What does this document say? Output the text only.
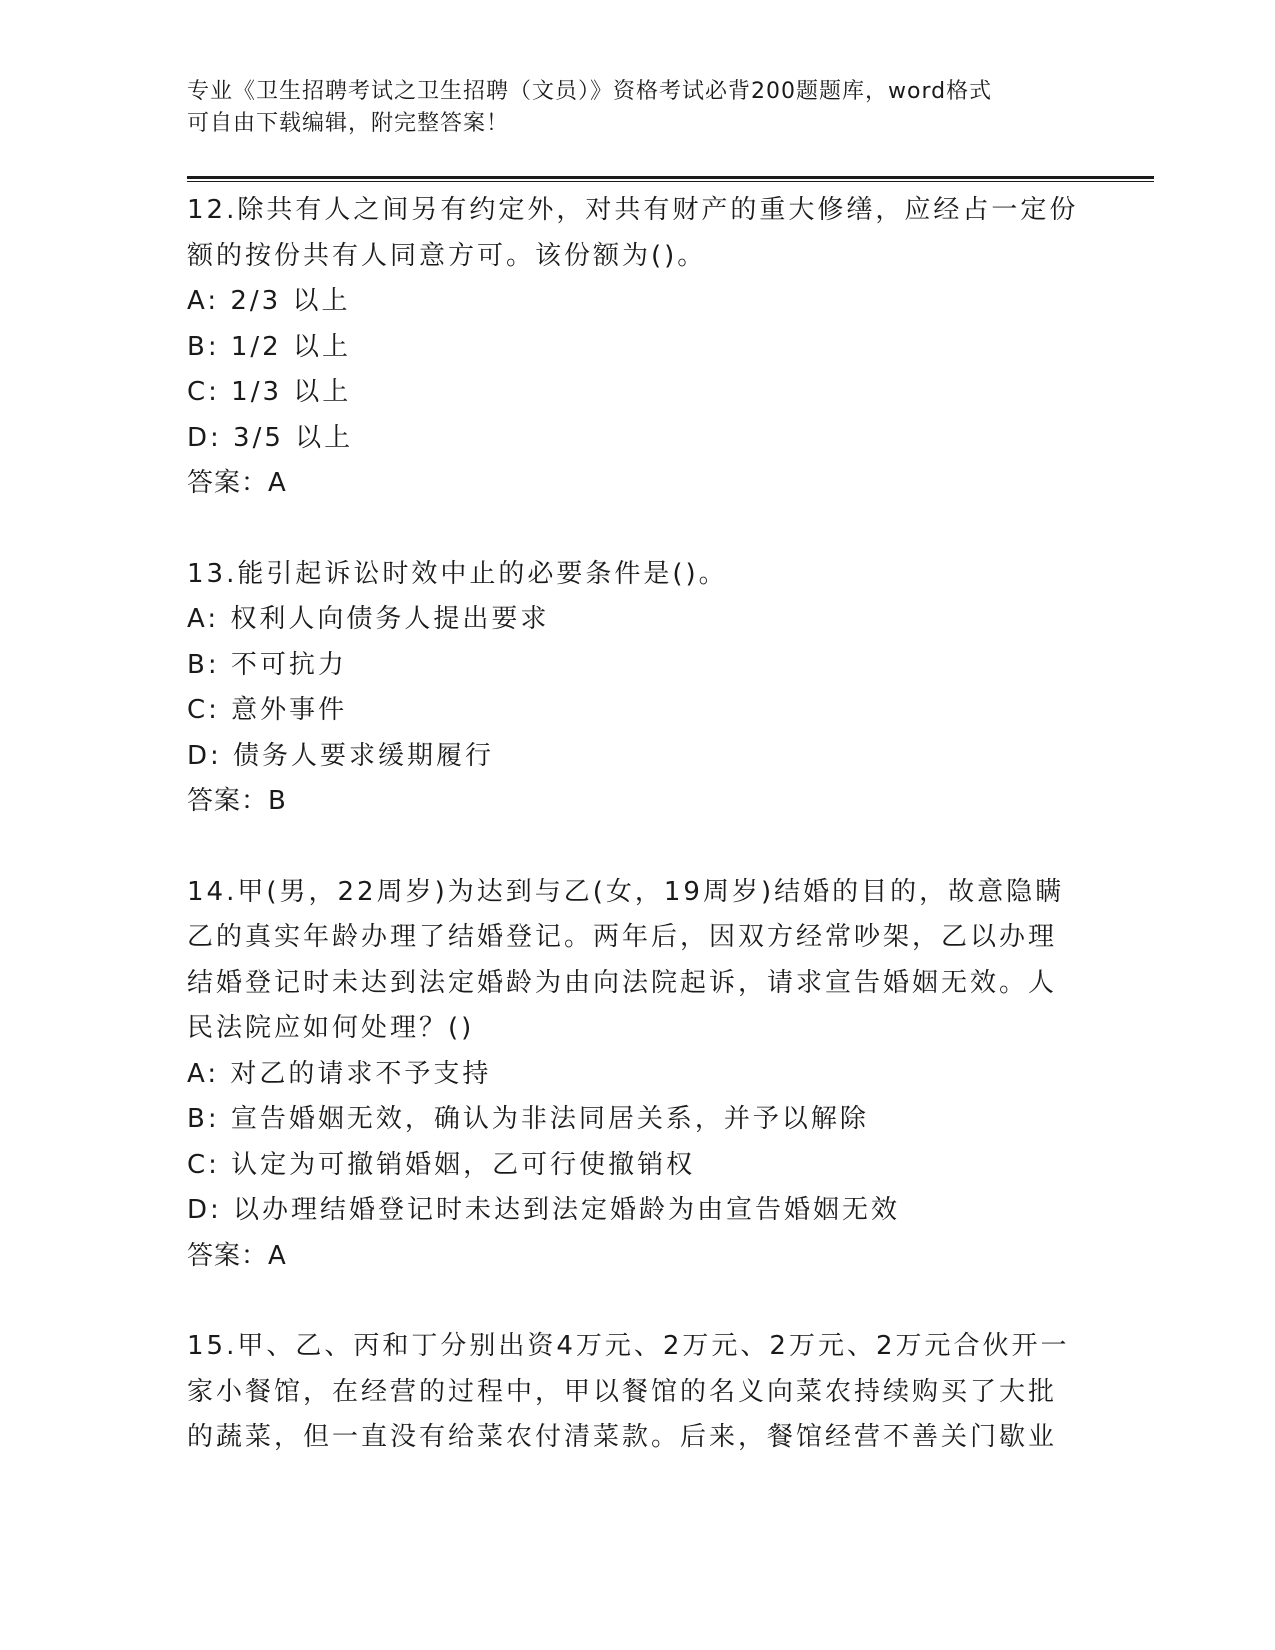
专业《卫生招聘考试之卫生招聘（文员）》资格考试必背200题题库，word格式
可自由下载编辑，附完整答案！
12.除共有人之间另有约定外，对共有财产的重大修缮，应经占一定份
额的按份共有人同意方可。该份额为()。
A: 2/3 以上
B: 1/2 以上
C: 1/3 以上
D: 3/5 以上
答案：A
13.能引起诉讼时效中止的必要条件是()。
A: 权利人向债务人提出要求
B: 不可抗力
C: 意外事件
D: 债务人要求缓期履行
答案：B
14.甲(男，22周岁)为达到与乙(女，19周岁)结婚的目的，故意隐瞒
乙的真实年龄办理了结婚登记。两年后，因双方经常吵架，乙以办理
结婚登记时未达到法定婚龄为由向法院起诉，请求宣告婚姻无效。人
民法院应如何处理？()
A: 对乙的请求不予支持
B: 宣告婚姻无效，确认为非法同居关系，并予以解除
C: 认定为可撤销婚姻，乙可行使撤销权
D: 以办理结婚登记时未达到法定婚龄为由宣告婚姻无效
答案：A
15.甲、乙、丙和丁分别出资4万元、2万元、2万元、2万元合伙开一
家小餐馆，在经营的过程中，甲以餐馆的名义向菜农持续购买了大批
的蔬菜，但一直没有给菜农付清菜款。后来，餐馆经营不善关门歇业
